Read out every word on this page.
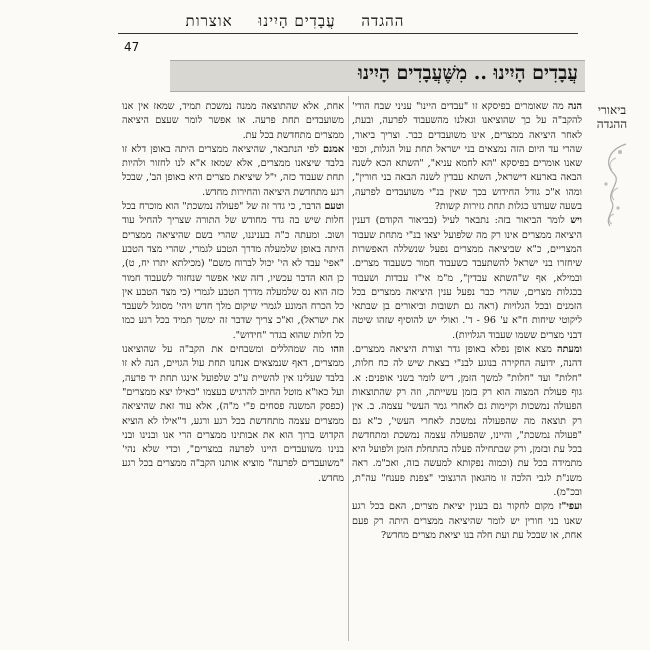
ההגדה עֲבָדִים הָיִינוּ אוצרות
47
עֲבָדִים הָיִינוּ .. מִשֶּׁעֲבָדִים הָיִינוּ
ביאורי ההגדה

הנה מה שאומרים בפיסקא זו "עבדים היינו" עניני שבח הודי' להקב"ה על כך שהוציאנו וגאלנו מהשעבוד לפרעה, ובעת, לאחר היציאה ממצרים, אינו משועבדים כבר. וצריך ביאור, שהרי עד היום הזה נמצאים בני ישראל תחת עול הגלות, וכפי שאנו אומרים בפיסקא "הא לחמא עניא", "השתא הכא לשנה הבאה בארעא דישראל, השתא עבדין לשנה הבאה בני חורין", ומהו א"כ גודל החידוש בכך שאין בנ"י משועבדים לפרעה, בשעה שעודנו כגלות תחת גזירות קשות?

ויש לומר הביאור בזה: נתבאר לעיל (בביאור הקודם) דענין היציאה ממצרים אינו רק מה שלפועל יצאו בנ"י מתחת שעבוד המצריים, כ"א שביציאה ממצרים נפעל שנשללה האפשרות שיחזרו בני ישראל להשתעבד כשעבוד חמור כשעבוד מצרים. ובמילא, אף ש"השתא עבדין", מ"מ אי"ז עבדות ושעבוד בכגלות מצרים, שהרי כבר נפעל ענין היציאה ממצרים בכל הזמנים ובכל הגלויות (ראה גם תשובות וביאורים בן שבתאי ליקוטי שיחות ח"א ע' 96 - ד'. ואולי יש להוסיף שזהו שיטה דבני מצרים ששמו שעבוד הגלויות).

ומעתה מצא אופן נפלא באופן גדר וצורת היציאה ממצרים. דהנה, ידועה החקירה בנוגע לבנ"י בצאת שיש לה כח חלות, "חלות" ועד "חלות" למשך הזמן, דיש לומר בשני אופנים: א. גוף פעולת המצוה הוא רק בזמן עשייתה, וזה רק שהתוצאות הפעולה נמשכות וקיימות גם לאחרי גמר העשי' עצמה. ב. אין רק תוצאה מה שהפעולה נמשכת לאחרי העשי', כ"א גם "פעולה נמשכת", והיינו, שהפעולה עצמה נמשכת ומתחדשת בכל עת ובזמן, ורק שבתחילה פעלה בהתחלת הזמן ולפועל היא מתמידה בכל עת (וכמוה נפקותא למעשה בזה, ואכ"מ. ראה משנ"ת לגבי הלכה זו מהגאון הרגצובי "צפנת פענח" עה"ת, ובכ"מ).

ועפי"ז מקום לחקור גם בענין יציאת מצרים, האם בכל רגע שאנו בני חורין יש לומר שהיציאה ממצרים היתה רק פעם אחת, או שבכל עת ועת חלה בנו יציאת מצרים מחדש?

אחת, אלא שהתוצאה ממנה נמשכת תמיד, שמאז אין אנו משועבדים תחת פרעה. או אפשר לומר שעצם היציאה ממצרים מתחדשת בכל עת.

אמנם לפי הנתבאר, שהיציאה ממצרים היתה באופן דלא זו בלבד שיצאנו ממצרים, אלא שמאז א"א לנו לחזור ולהיות תחת שעבוד כזה, י"ל שיציאת מצרים היא באופן הב', שבכל רגע מתחדשת היציאה והחירות מחדש.

וטעם הדבר, כי גדר זה של "פעולה נמשכת" הוא מוכרח בכל חלות שיש בה גדר מחודש של התורה שצריך להחיל עוד ושוב. ומעתה כ"ה בעניננו, שהרי בשם שהיציאה ממצרים היתה באופן שלמעלה מדרך הטבע לגמרי, שהרי מצד הטבע "אפי' עבד לא הי' יכול לברוח משם" (מכילתא יתרו יח, ט), כן הוא הדבר עכשיו, דזה שאי אפשר שנחזור לשעבוד חמור כזה הוא נס שלמעלה מדרך הטבע לגמרי (כי מצד הטבע אין כל הכרח המונע לגמרי שיקום מלך חדש ויהי' מסוגל לשעבד את ישראל), וא"כ צריך שדבר זה ימשך תמיד בכל רגע כמו כל חלות שהוא בגדר "חידוש".

וזהו מה שמהללים ומשבחים את הקב"ה על שהוציאנו ממצרים, דאף שנמצאים אנחנו תחת עול הגויים, הנה לא זו בלבד שעלינו אין להשיית ע"כ שלפועל אינגו תחת יד פרעה, ועל כאו"א מוטל החיוב להרגיש בעצמו "כאילו יצא ממצרים" (כפסק המשנה פסחים פ"י מ"ה), אלא עוד זאת שהיציאה ממצרים עצמה מתחדשת בכל רגע ורגע, ד"אילו לא הוציא הקדוש ברוך הוא את אבותינו ממצרים הרי אנו ובנינו ובני בנינו משועבדים היינו לפרעה במצרים", וכדי שלא נהי' "משועבדים לפרעה" מוציא אותנו הקב"ה ממצרים בכל רגע מחדש.
